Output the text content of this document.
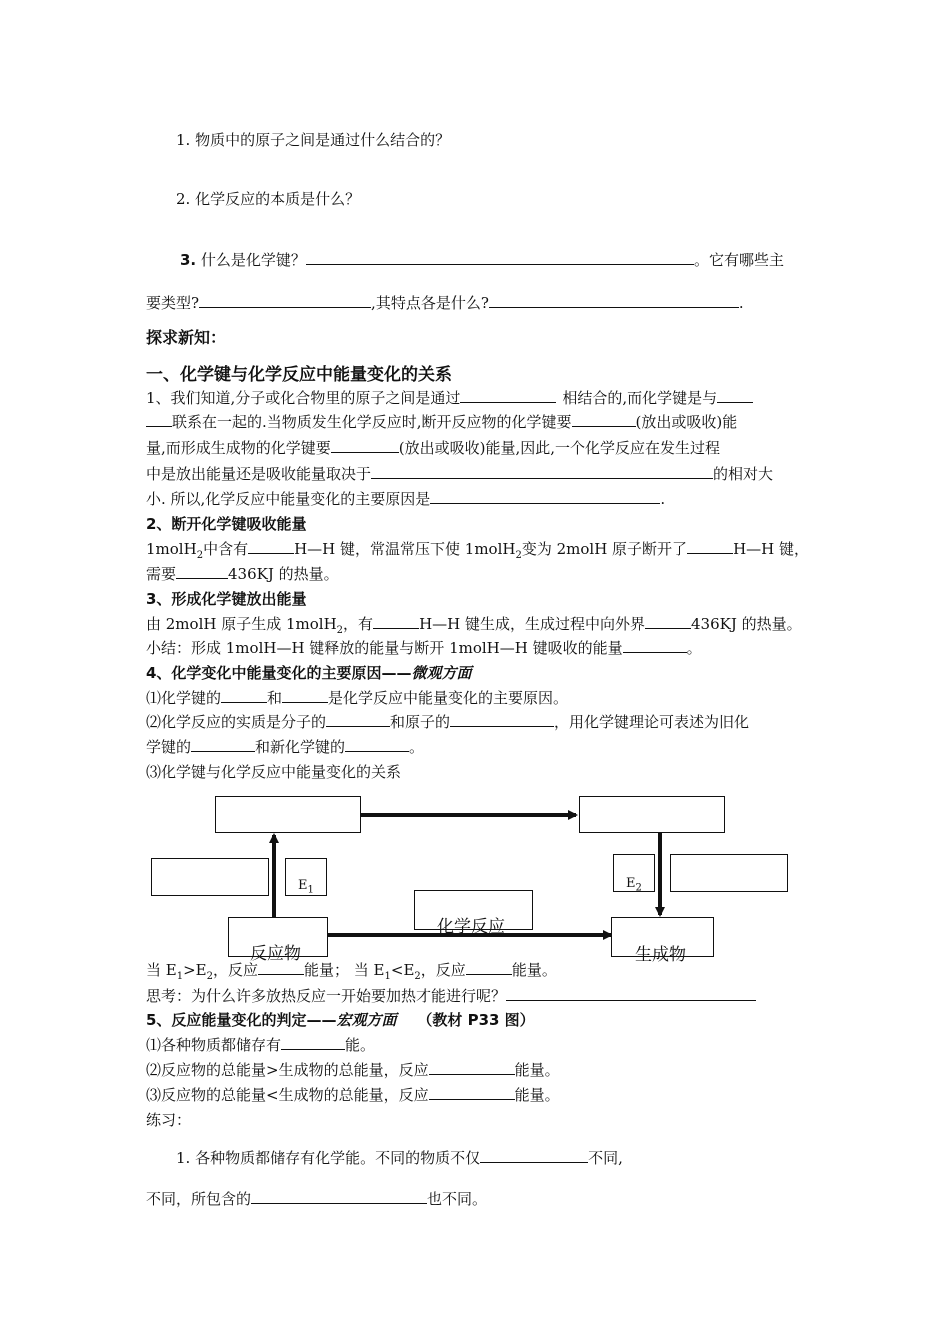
1. 物质中的原子之间是通过什么结合的？
2. 化学反应的本质是什么？
3. 什么是化学键？	。它有哪些主
要类型?	,其特点各是什么?	.
探求新知：
一、化学键与化学反应中能量变化的关系
1、我们知道,分子或化合物里的原子之间是通过	相结合的,而化学键是与
联系在一起的.当物质发生化学反应时,断开反应物的化学键要	(放出或吸收)能
量,而形成生成物的化学键要	(放出或吸收)能量,因此,一个化学反应在发生过程
中是放出能量还是吸收能量取决于	的相对大
小. 所以,化学反应中能量变化的主要原因是	.
2、断开化学键吸收能量
1molH$_2$中含有	H—H 键，常温常压下使 1molH$_2$变为 2molH 原子断开了	H—H 键，
需要	436KJ 的热量。
3、形成化学键放出能量
由 2molH 原子生成 1molH$_2$，有	H—H 键生成，生成过程中向外界	436KJ 的热量。
小结：形成 1molH—H 键释放的能量与断开 1molH—H 键吸收的能量	。
4、化学变化中能量变化的主要原因——微观方面
⑴化学键的	和	是化学反应中能量变化的主要原因。
⑵化学反应的实质是分子的	和原子的	，用化学键理论可表述为旧化
学键的	和新化学键的	。
⑶化学键与化学反应中能量变化的关系
$E_1$	$E_2$
化学反应
反应物	生成物
当 $E_1>E_2$，反应	能量； 当 $E_1<E_2$，反应	能量。
思考：为什么许多放热反应一开始要加热才能进行呢？
5、反应能量变化的判定——宏观方面    （教材 P33 图）
⑴各种物质都储存有	能。
⑵反应物的总能量>生成物的总能量，反应	能量。
⑶反应物的总能量<生成物的总能量，反应	能量。
练习：
1. 各种物质都储存有化学能。不同的物质不仅	不同,
不同，所包含的	也不同。
